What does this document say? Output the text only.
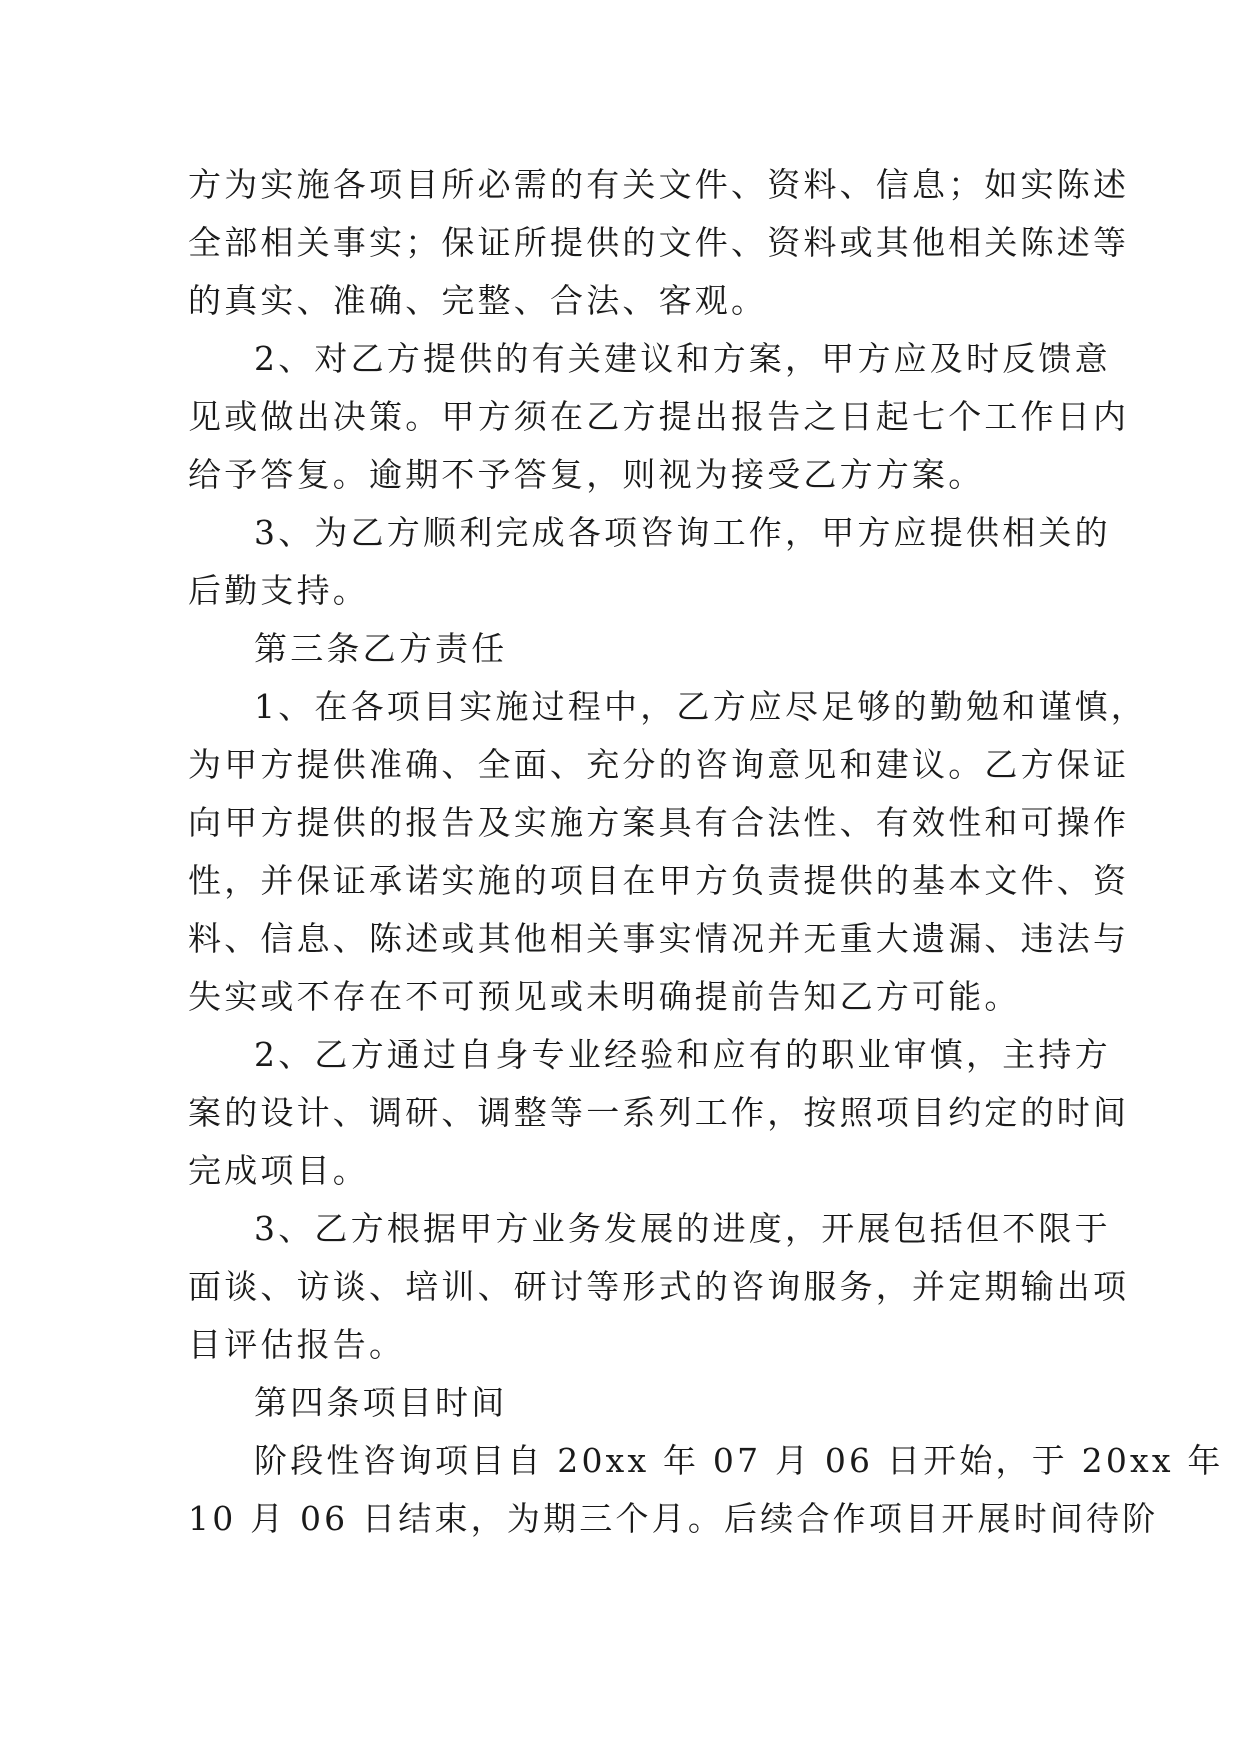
方为实施各项目所必需的有关文件、资料、信息；如实陈述
全部相关事实；保证所提供的文件、资料或其他相关陈述等
的真实、准确、完整、合法、客观。
2、对乙方提供的有关建议和方案，甲方应及时反馈意
见或做出决策。甲方须在乙方提出报告之日起七个工作日内
给予答复。逾期不予答复，则视为接受乙方方案。
3、为乙方顺利完成各项咨询工作，甲方应提供相关的
后勤支持。
第三条乙方责任
1、在各项目实施过程中，乙方应尽足够的勤勉和谨慎，
为甲方提供准确、全面、充分的咨询意见和建议。乙方保证
向甲方提供的报告及实施方案具有合法性、有效性和可操作
性，并保证承诺实施的项目在甲方负责提供的基本文件、资
料、信息、陈述或其他相关事实情况并无重大遗漏、违法与
失实或不存在不可预见或未明确提前告知乙方可能。
2、乙方通过自身专业经验和应有的职业审慎，主持方
案的设计、调研、调整等一系列工作，按照项目约定的时间
完成项目。
3、乙方根据甲方业务发展的进度，开展包括但不限于
面谈、访谈、培训、研讨等形式的咨询服务，并定期输出项
目评估报告。
第四条项目时间
阶段性咨询项目自 20xx 年 07 月 06 日开始，于 20xx 年
10 月 06 日结束，为期三个月。后续合作项目开展时间待阶
